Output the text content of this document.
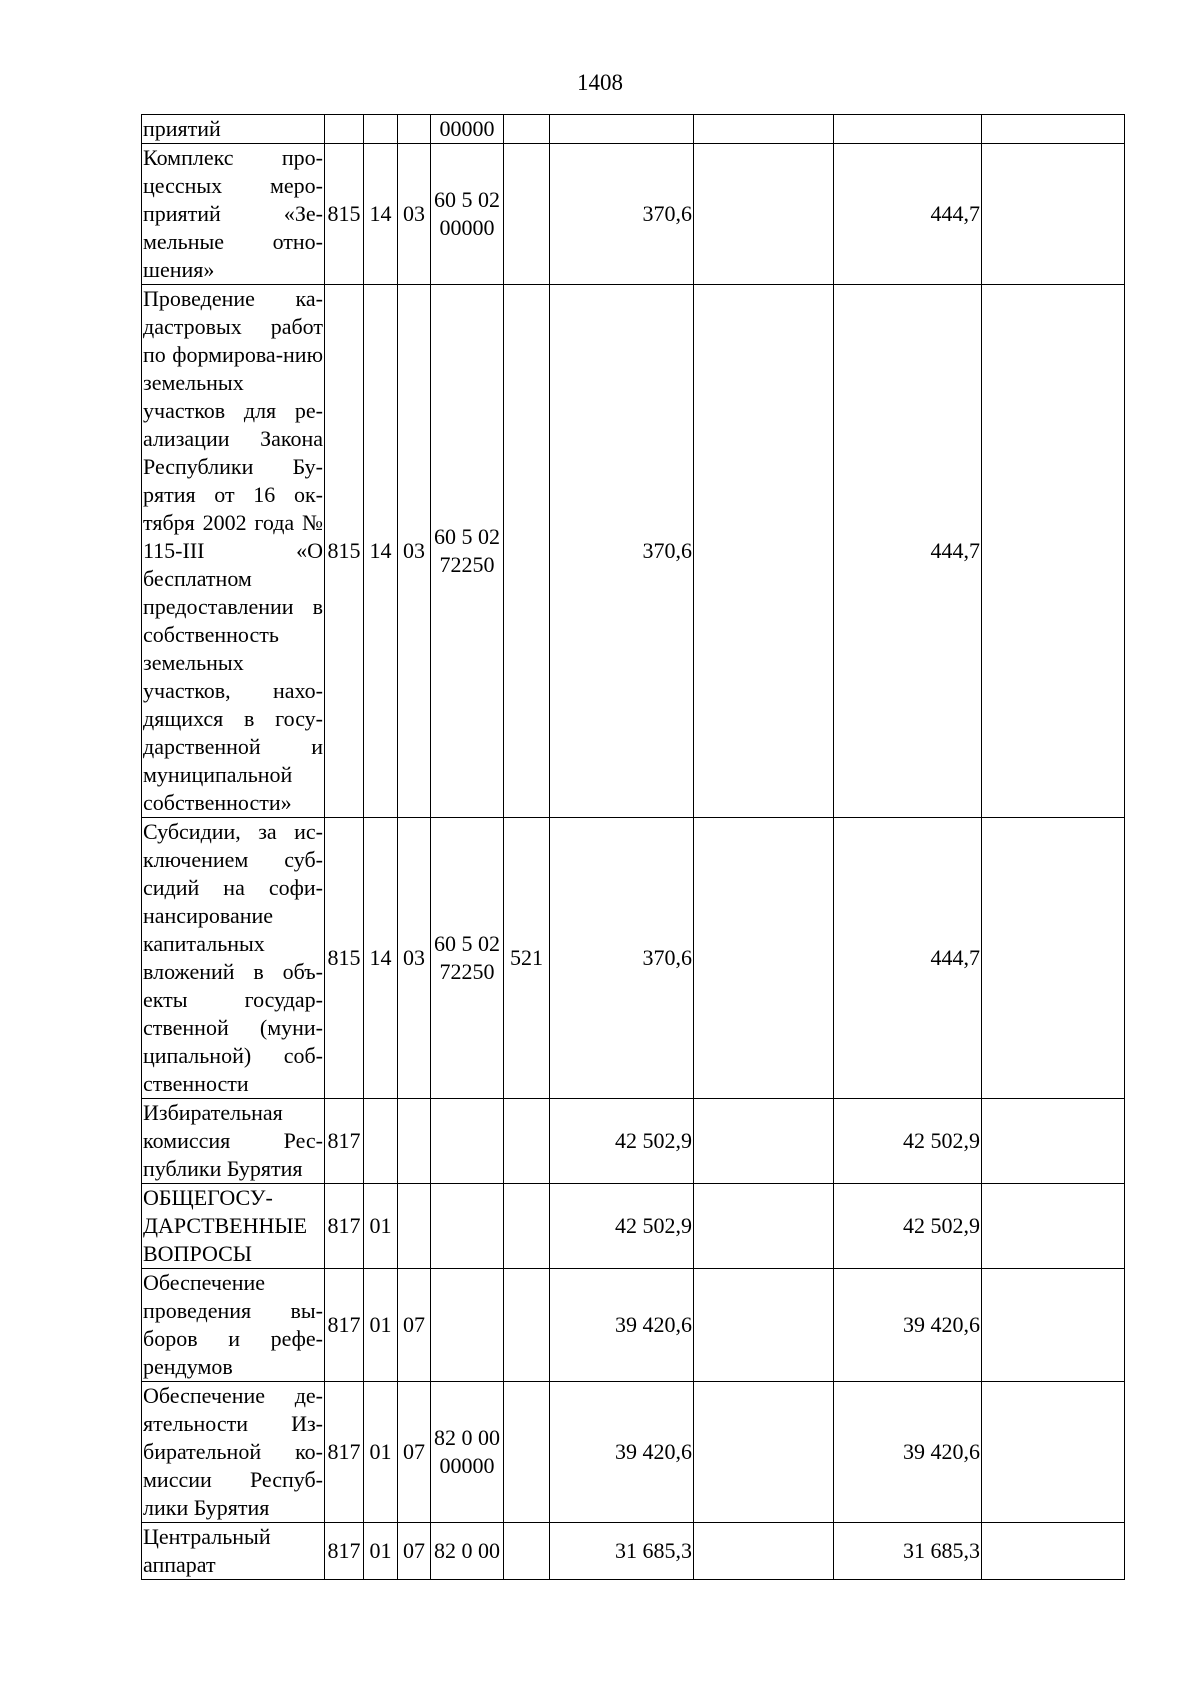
1408
приятий				00000					
Комплекс про-цессных меро-приятий «Зе-мельные отно-шения»	815	14	03	60 5 02 00000		370,6		444,7	
Проведение ка-дастровых работ по формирова-нию земельных участков для ре-ализации Закона Республики Бу-рятия от 16 ок-тября 2002 года № 115-III «О бесплатном предоставлении в собственность земельных участков, нахо-дящихся в госу-дарственной и муниципальной собственности»	815	14	03	60 5 02 72250		370,6		444,7	
Субсидии, за ис-ключением суб-сидий на софи-нансирование капитальных вложений в объ-екты государ-ственной (муни-ципальной) соб-ственности	815	14	03	60 5 02 72250	521	370,6		444,7	
Избирательная комиссия Рес-публики Бурятия	817					42 502,9		42 502,9	
ОБЩЕГОСУ-ДАРСТВЕННЫЕ ВОПРОСЫ	817	01				42 502,9		42 502,9	
Обеспечение проведения вы-боров и рефе-рендумов	817	01	07			39 420,6		39 420,6	
Обеспечение де-ятельности Из-бирательной ко-миссии Респуб-лики Бурятия	817	01	07	82 0 00 00000		39 420,6		39 420,6	
Центральный аппарат	817	01	07	82 0 00		31 685,3		31 685,3	
